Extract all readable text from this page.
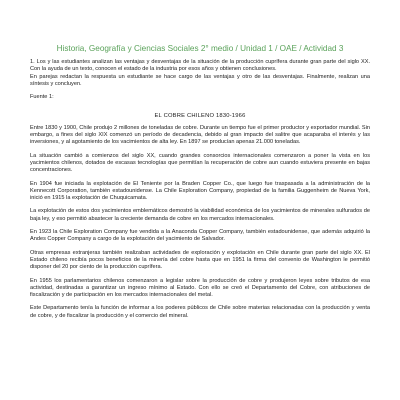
Historia, Geografía y Ciencias Sociales 2° medio / Unidad 1 / OAE / Actividad 3

1. Los y las estudiantes analizan las ventajas y desventajas de la situación de la producción cuprífera durante gran parte del siglo XX. Con la ayuda de un texto, conocen el estado de la industria por esos años y obtienen conclusiones.

En parejas redactan la respuesta un estudiante se hace cargo de las ventajas y otro de las desventajas. Finalmente, realizan una síntesis y concluyen.

Fuente 1:
EL COBRE CHILENO 1830-1966

Entre 1830 y 1900, Chile produjo 2 millones de toneladas de cobre. Durante un tiempo fue el primer productor y exportador mundial. Sin embargo, a fines del siglo XIX comenzó un período de decadencia, debido al gran impacto del salitre que acaparaba el interés y las inversiones, y al agotamiento de los vacimientos de alta ley. En 1897 se producían apenas 21.000 toneladas.

La situación cambió a comienzos del siglo XX, cuando grandes consorcios internacionales comenzaron a poner la vista en los yacimientos chilenos, dotados de escasas tecnologías que permitían la recuperación de cobre aun cuando estuviera presente en bajas concentraciones.

En 1904 fue iniciada la explotación de El Teniente por la Braden Copper Co., que luego fue traspasada a la administración de la Kennecott Corporation, también estadounidense. La Chile Exploration Company, propiedad de la familia Guggenheim de Nueva York, inició en 1915 la explotación de Chuquicamata.

La explotación de estos dos yacimientos emblemáticos demostró la viabilidad económica de los yacimientos de minerales sulfurados de baja ley, y eso permitió abastecer la creciente demanda de cobre en los mercados internacionales.

En 1923 la Chile Exploration Company fue vendida a la Anaconda Copper Company, también estadounidense, que además adquirió la Andes Copper Company a cargo de la explotación del yacimiento de Salvador.

Otras empresas extranjeras también realizaban actividades de exploración y explotación en Chile durante gran parte del siglo XX. El Estado chileno recibía pocos beneficios de la minería del cobre hasta que en 1951 la firma del convenio de Washington le permitió disponer del 20 por ciento de la producción cuprífera.

En 1955 los parlamentarios chilenos comenzaron a legislar sobre la producción de cobre y produjeron leyes sobre tributos de esa actividad, destinadas a garantizar un ingreso mínimo al Estado. Con ello se creó el Departamento del Cobre, con atribuciones de fiscalización y de participación en los mercados internacionales del metal.

Este Departamento tenía la función de informar a los poderes públicos de Chile sobre materias relacionadas con la producción y venta de cobre, y de fiscalizar la producción y el comercio del mineral.
